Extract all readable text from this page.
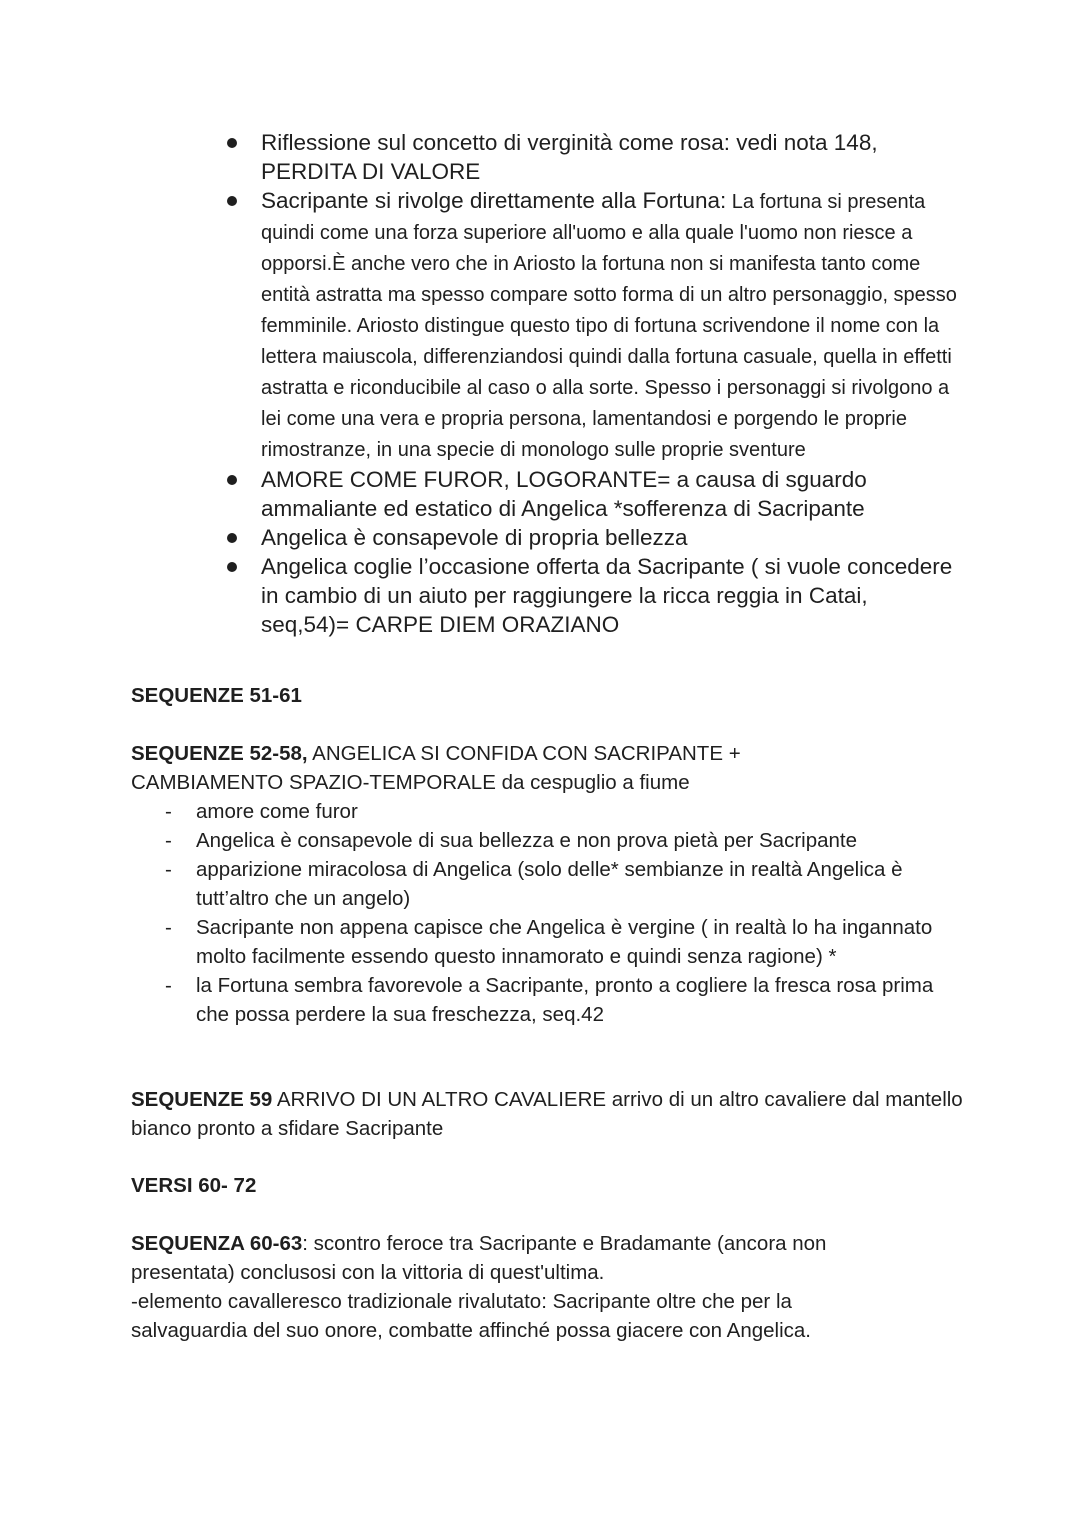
Riflessione sul concetto di verginità come rosa: vedi nota 148, PERDITA DI VALORE
Sacripante si rivolge direttamente alla Fortuna: La fortuna si presenta quindi come una forza superiore all'uomo e alla quale l'uomo non riesce a opporsi.È anche vero che in Ariosto la fortuna non si manifesta tanto come entità astratta ma spesso compare sotto forma di un altro personaggio, spesso femminile. Ariosto distingue questo tipo di fortuna scrivendone il nome con la lettera maiuscola, differenziandosi quindi dalla fortuna casuale, quella in effetti astratta e riconducibile al caso o alla sorte. Spesso i personaggi si rivolgono a lei come una vera e propria persona, lamentandosi e porgendo le proprie rimostranze, in una specie di monologo sulle proprie sventure
AMORE COME FUROR, LOGORANTE= a causa di sguardo ammaliante ed estatico di Angelica *sofferenza di Sacripante
Angelica è consapevole di propria bellezza
Angelica coglie l’occasione offerta da Sacripante ( si vuole concedere in cambio di un aiuto per raggiungere la ricca reggia in Catai, seq,54)= CARPE DIEM ORAZIANO

SEQUENZE 51-61

SEQUENZE 52-58, ANGELICA SI CONFIDA CON SACRIPANTE + CAMBIAMENTO SPAZIO-TEMPORALE da cespuglio a fiume

- amore come furor
- Angelica è consapevole di sua bellezza e non prova pietà per Sacripante
- apparizione miracolosa di Angelica (solo delle* sembianze in realtà Angelica è tutt’altro che un angelo)
- Sacripante non appena capisce che Angelica è vergine ( in realtà lo ha ingannato molto facilmente essendo questo innamorato e quindi senza ragione) *
- la Fortuna sembra favorevole a Sacripante, pronto a cogliere la fresca rosa prima che possa perdere la sua freschezza, seq.42

SEQUENZE 59 ARRIVO DI UN ALTRO CAVALIERE arrivo di un altro cavaliere dal mantello bianco pronto a sfidare Sacripante

VERSI 60- 72

SEQUENZA 60-63: scontro feroce tra Sacripante e Bradamante (ancora non presentata) conclusosi con la vittoria di quest'ultima.

-elemento cavalleresco tradizionale rivalutato: Sacripante oltre che per la salvaguardia del suo onore, combatte affinché possa giacere con Angelica.
